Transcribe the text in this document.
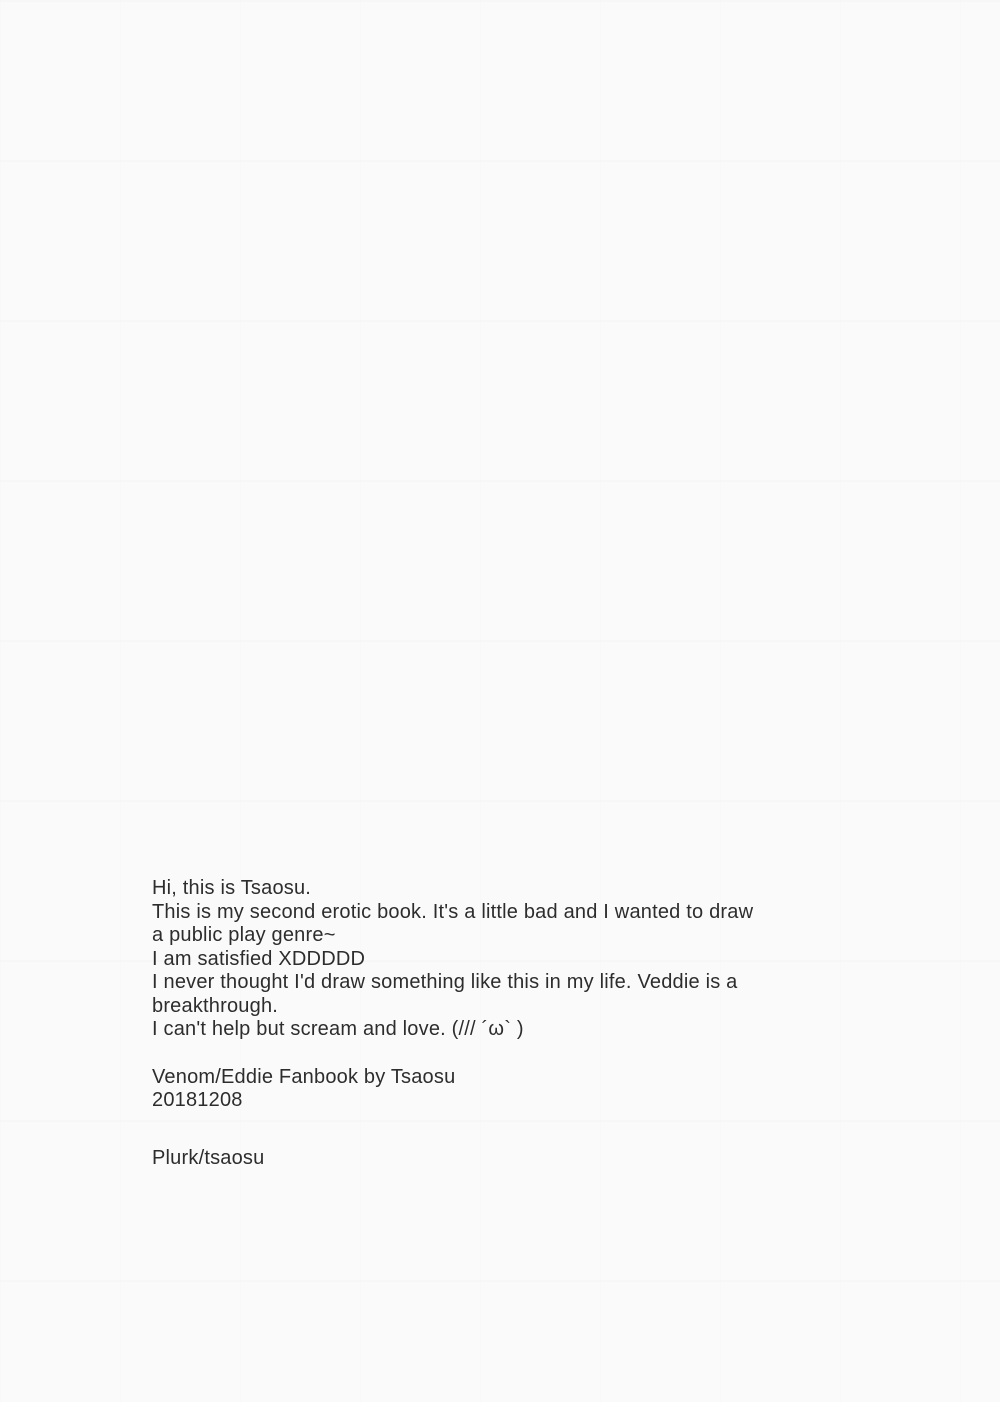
Hi, this is Tsaosu.
This is my second erotic book. It's a little bad and I wanted to draw
a public play genre~
I am satisfied XDDDDD
I never thought I'd draw something like this in my life. Veddie is a
breakthrough.
I can't help but scream and love. (/// ´ω` )

Venom/Eddie Fanbook by Tsaosu
20181208

Plurk/tsaosu
